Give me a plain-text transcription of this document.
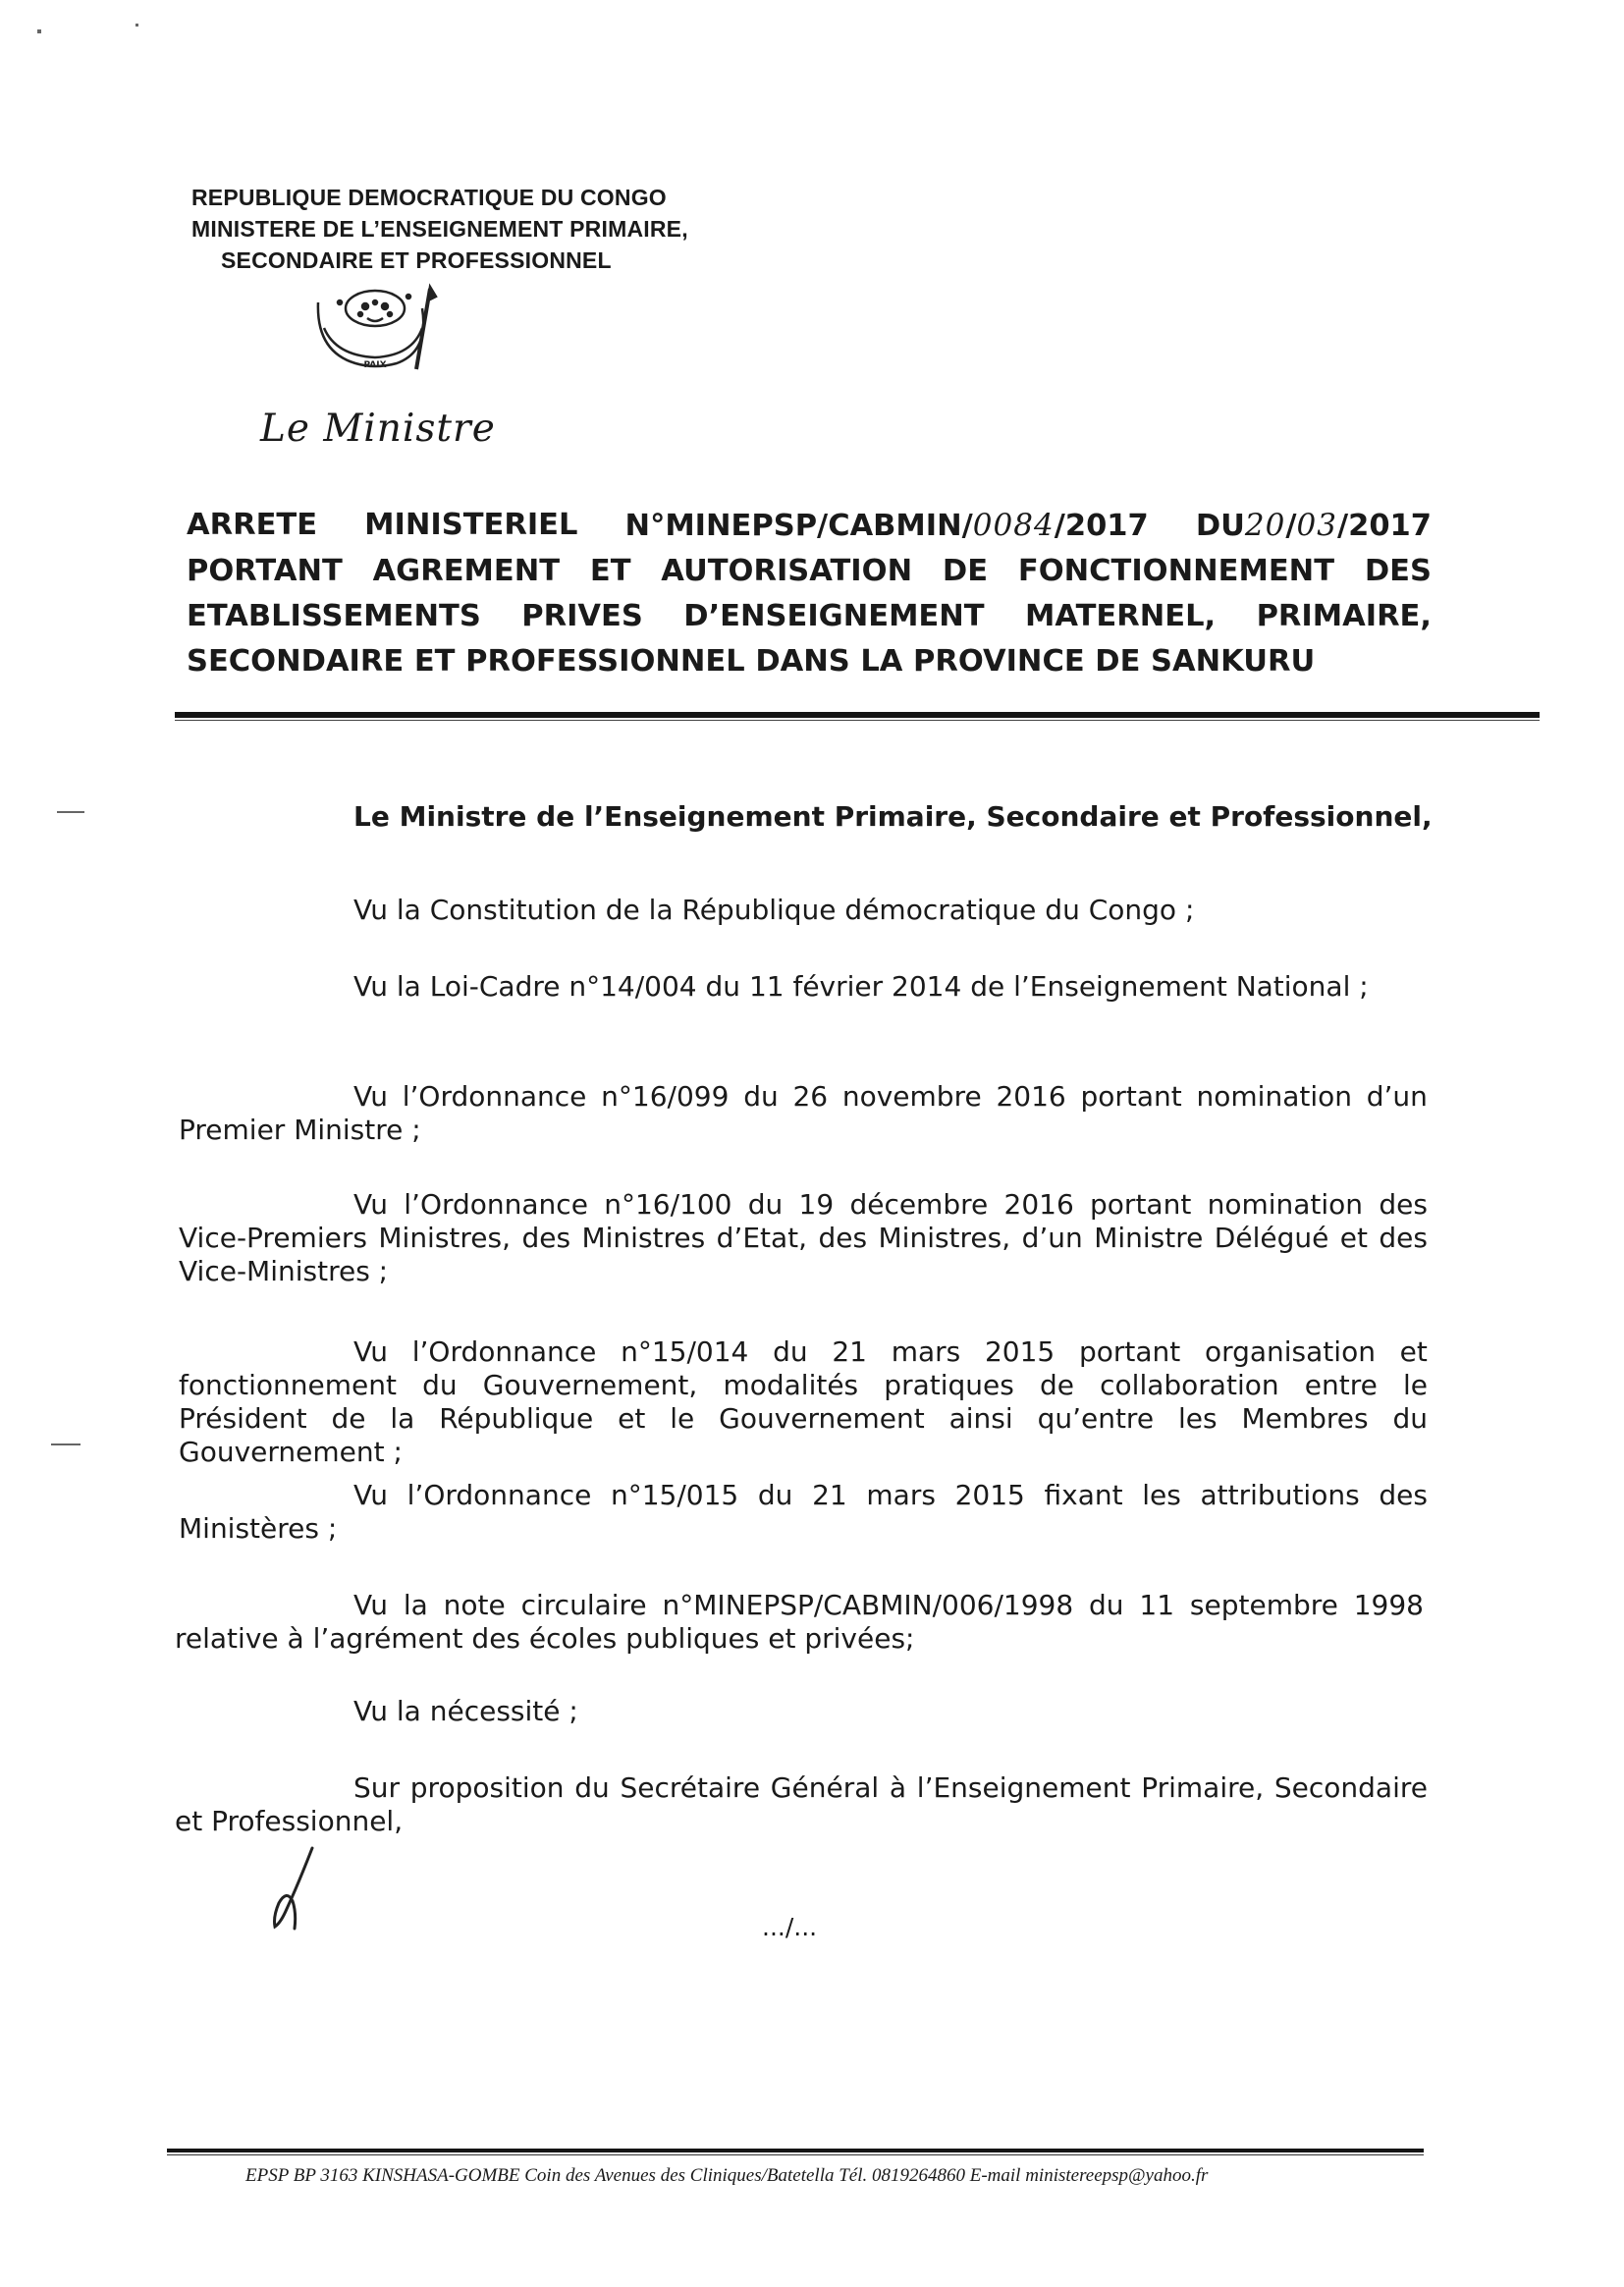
REPUBLIQUE DEMOCRATIQUE DU CONGO
MINISTERE DE L’ENSEIGNEMENT PRIMAIRE,
SECONDAIRE ET PROFESSIONNEL
PAIX
Le Ministre
ARRETE MINISTERIEL N°MINEPSP/CABMIN/0084/2017 DU20/03/2017
PORTANT AGREMENT ET AUTORISATION DE FONCTIONNEMENT DES
ETABLISSEMENTS PRIVES D’ENSEIGNEMENT MATERNEL, PRIMAIRE,
SECONDAIRE ET PROFESSIONNEL DANS LA PROVINCE DE SANKURU
Le Ministre de l’Enseignement Primaire, Secondaire et Professionnel,
Vu la Constitution de la République démocratique du Congo ;
Vu la Loi-Cadre n°14/004 du 11 février 2014 de l’Enseignement National ;
Vu l’Ordonnance n°16/099 du 26 novembre 2016 portant nomination d’un
Premier Ministre ;
Vu l’Ordonnance n°16/100 du 19 décembre 2016 portant nomination des
Vice-Premiers Ministres, des Ministres d’Etat, des Ministres, d’un Ministre Délégué et des Vice-Ministres ;
Vu l’Ordonnance n°15/014 du 21 mars 2015 portant organisation et
fonctionnement du Gouvernement, modalités pratiques de collaboration entre le Président de la République et le Gouvernement ainsi qu’entre les Membres du Gouvernement ;
Vu l’Ordonnance n°15/015 du 21 mars 2015 fixant les attributions des
Ministères ;
Vu la note circulaire n°MINEPSP/CABMIN/006/1998 du 11 septembre 1998
relative à l’agrément des écoles publiques et privées;
Vu la nécessité ;
Sur proposition du Secrétaire Général à l’Enseignement Primaire, Secondaire et Professionnel,
.../...
EPSP BP 3163 KINSHASA-GOMBE Coin des Avenues des Cliniques/Batetella Tél. 0819264860 E-mail ministereepsp@yahoo.fr
